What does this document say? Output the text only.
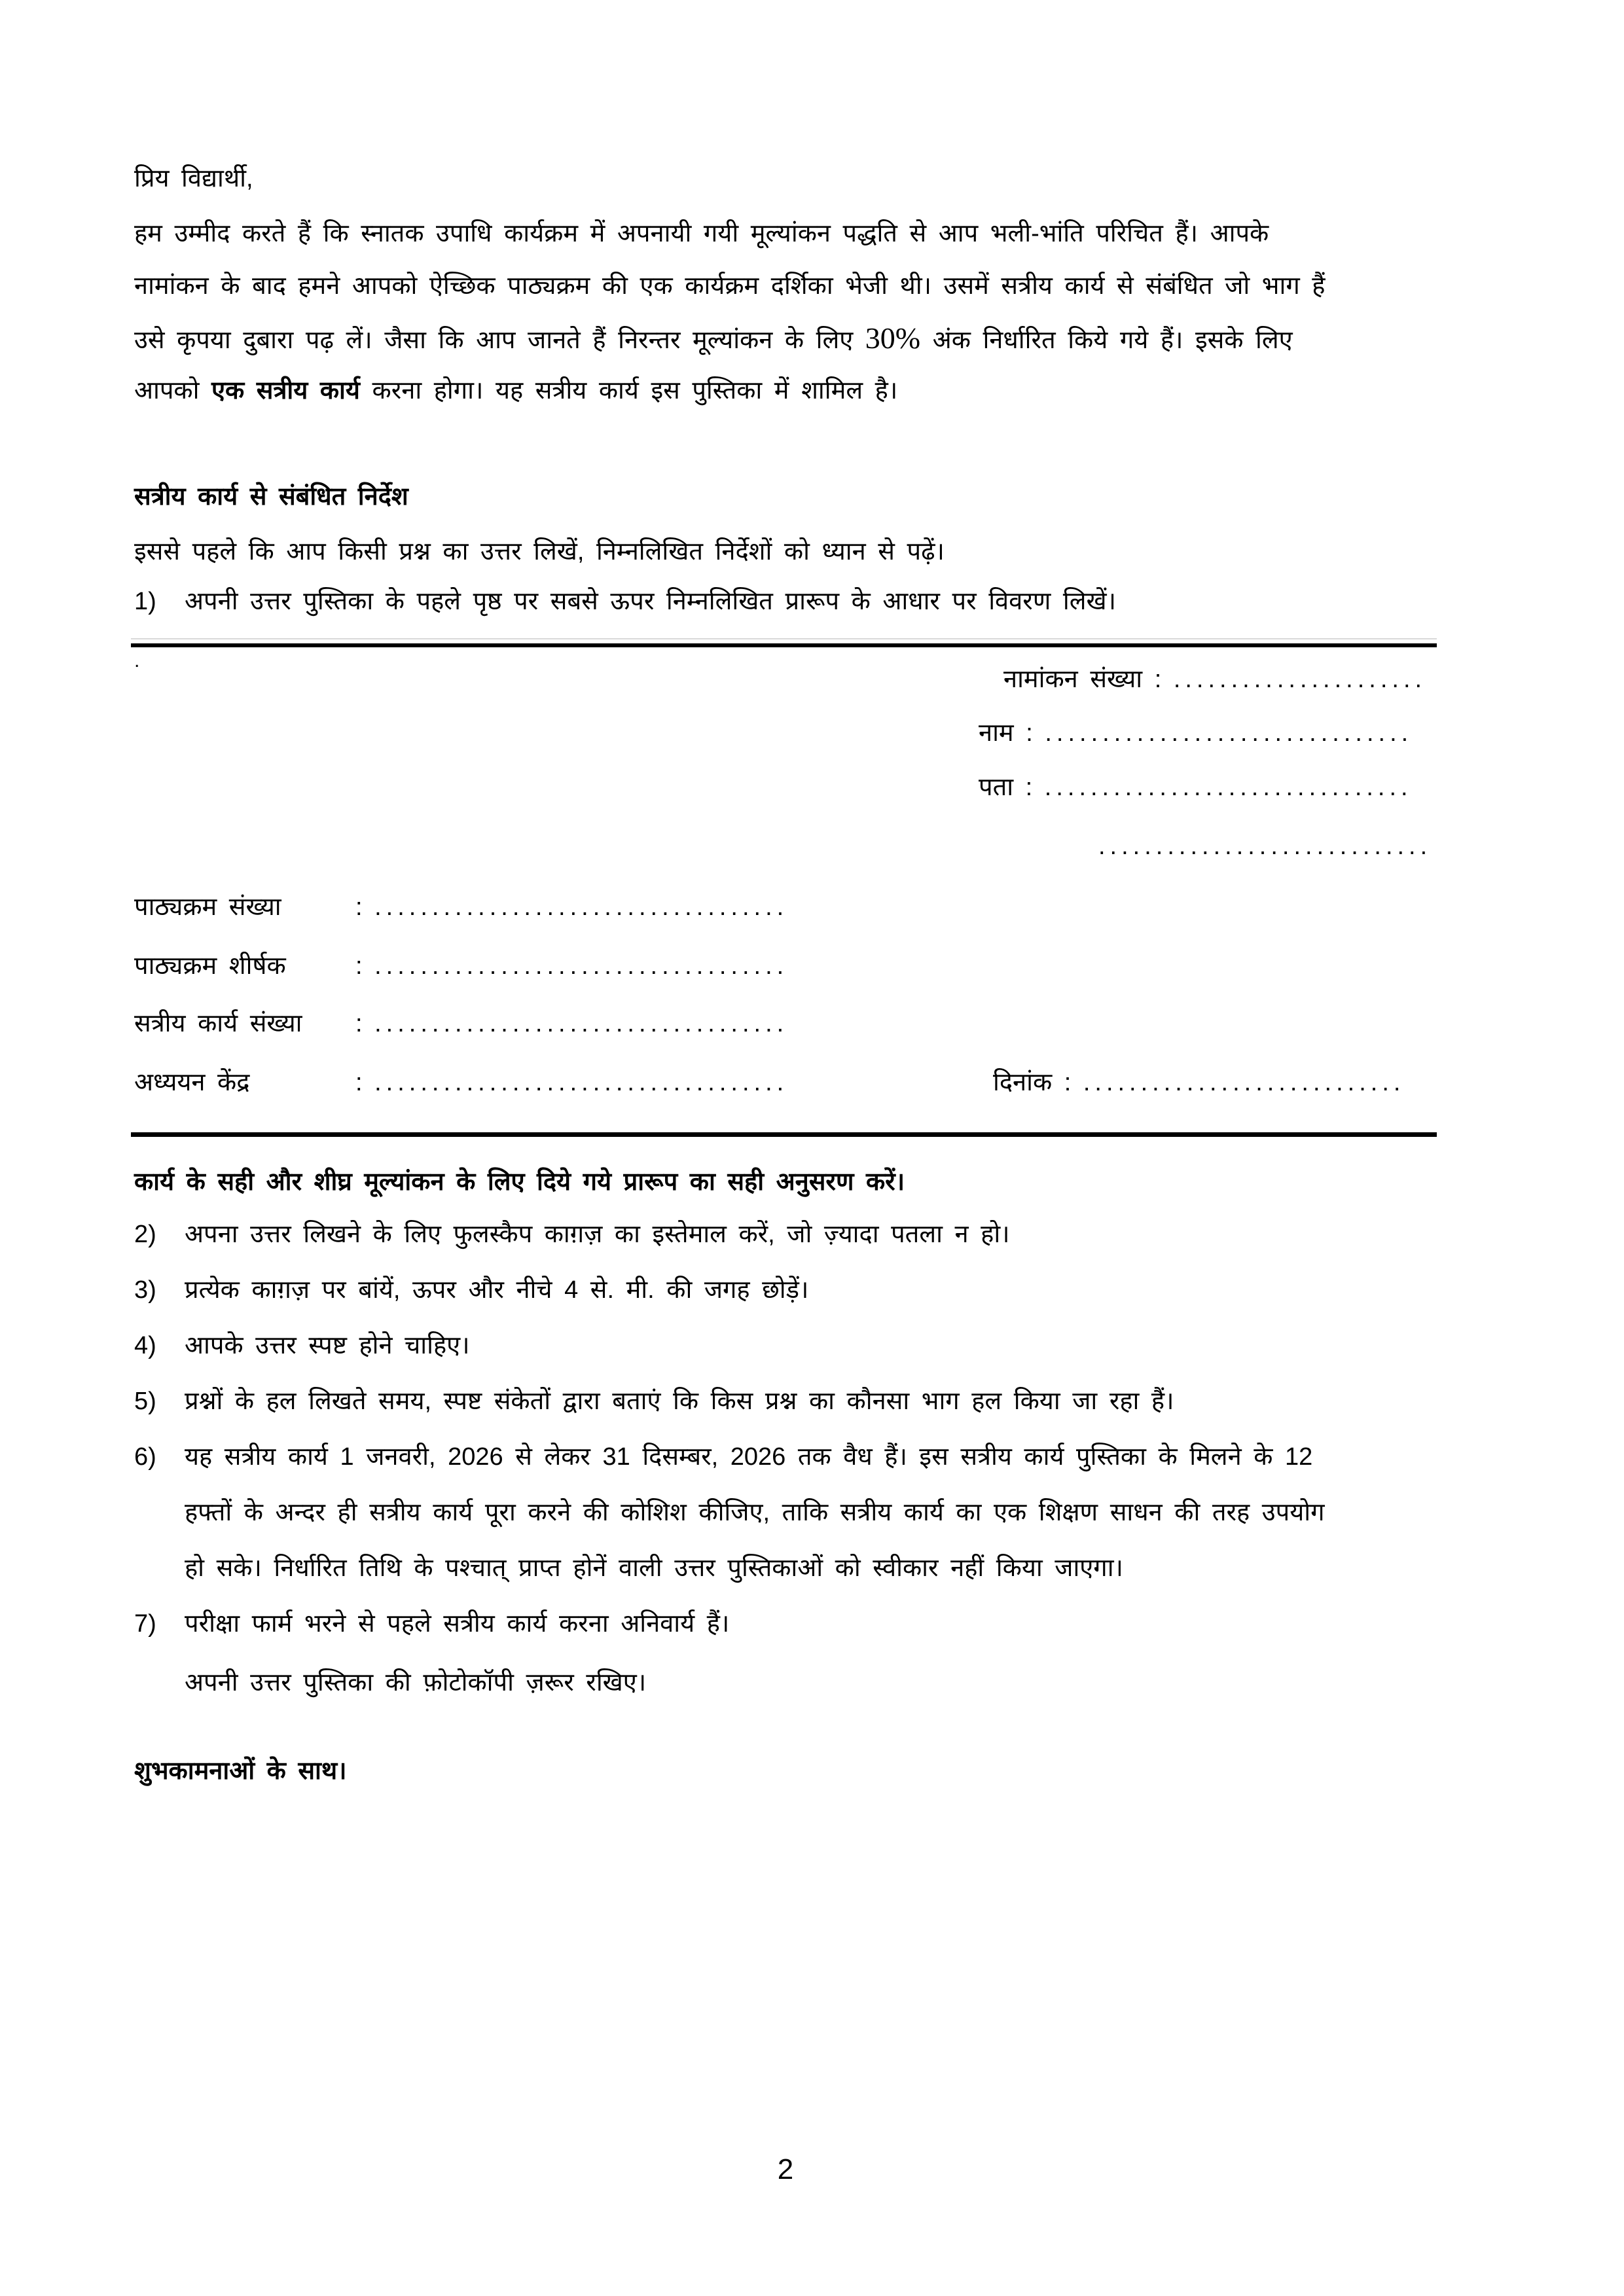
प्रिय विद्यार्थी,
हम उम्मीद करते हैं कि स्नातक उपाधि कार्यक्रम में अपनायी गयी मूल्यांकन पद्धति से आप भली-भांति परिचित हैं। आपके
नामांकन के बाद हमने आपको ऐच्छिक पाठ्यक्रम की एक कार्यक्रम दर्शिका भेजी थी। उसमें सत्रीय कार्य से संबंधित जो भाग हैं
उसे कृपया दुबारा पढ़ लें। जैसा कि आप जानते हैं निरन्तर मूल्यांकन के लिए 30% अंक निर्धारित किये गये हैं। इसके लिए
आपको एक सत्रीय कार्य करना होगा। यह सत्रीय कार्य इस पुस्तिका में शामिल है।
सत्रीय कार्य से संबंधित निर्देश
इससे पहले कि आप किसी प्रश्न का उत्तर लिखें, निम्नलिखित निर्देशों को ध्यान से पढ़ें।
1) अपनी उत्तर पुस्तिका के पहले पृष्ठ पर सबसे ऊपर निम्नलिखित प्रारूप के आधार पर विवरण लिखें।
.
नामांकन संख्या : ......................
नाम : ................................
पता : ................................
.............................
पाठ्यक्रम संख्या	: ....................................
पाठ्यक्रम शीर्षक	: ....................................
सत्रीय कार्य संख्या : ....................................
अध्ययन केंद्र	: ....................................	दिनांक : ............................
कार्य के सही और शीघ्र मूल्यांकन के लिए दिये गये प्रारूप का सही अनुसरण करें।
2) अपना उत्तर लिखने के लिए फुलस्कैप काग़ज़ का इस्तेमाल करें, जो ज़्यादा पतला न हो।
3) प्रत्येक काग़ज़ पर बांयें, ऊपर और नीचे 4 से. मी. की जगह छोड़ें।
4) आपके उत्तर स्पष्ट होने चाहिए।
5) प्रश्नों के हल लिखते समय, स्पष्ट संकेतों द्वारा बताएं कि किस प्रश्न का कौनसा भाग हल किया जा रहा हैं।
6) यह सत्रीय कार्य 1 जनवरी, 2026 से लेकर 31 दिसम्बर, 2026 तक वैध हैं। इस सत्रीय कार्य पुस्तिका के मिलने के 12
हफ्तों के अन्दर ही सत्रीय कार्य पूरा करने की कोशिश कीजिए, ताकि सत्रीय कार्य का एक शिक्षण साधन की तरह उपयोग
हो सके। निर्धारित तिथि के पश्चात् प्राप्त होनें वाली उत्तर पुस्तिकाओं को स्वीकार नहीं किया जाएगा।
7) परीक्षा फार्म भरने से पहले सत्रीय कार्य करना अनिवार्य हैं।
अपनी उत्तर पुस्तिका की फ़ोटोकॉपी ज़रूर रखिए।
शुभकामनाओं के साथ।
2
